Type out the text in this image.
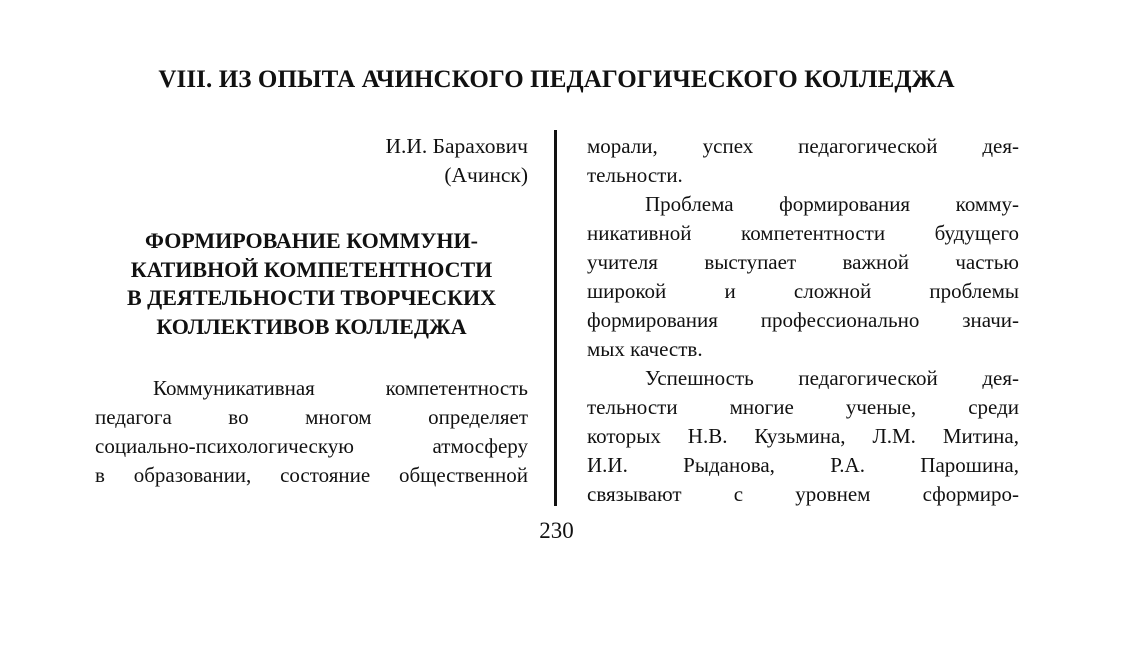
VIII. ИЗ ОПЫТА АЧИНСКОГО ПЕДАГОГИЧЕСКОГО КОЛЛЕДЖА
И.И. Барахович
(Ачинск)
ФОРМИРОВАНИЕ КОММУНИ-
КАТИВНОЙ КОМПЕТЕНТНОСТИ
В ДЕЯТЕЛЬНОСТИ ТВОРЧЕСКИХ
КОЛЛЕКТИВОВ КОЛЛЕДЖА
Коммуникативная компетентность
педагога во многом определяет
социально-психологическую атмосферу
в образовании, состояние общественной
морали, успех педагогической дея-
тельности.
Проблема формирования комму-
никативной компетентности будущего
учителя выступает важной частью
широкой и сложной проблемы
формирования профессионально значи-
мых качеств.
Успешность педагогической дея-
тельности многие ученые, среди
которых Н.В. Кузьмина, Л.М. Митина,
И.И. Рыданова, Р.А. Парошина,
связывают с уровнем сформиро-
230
